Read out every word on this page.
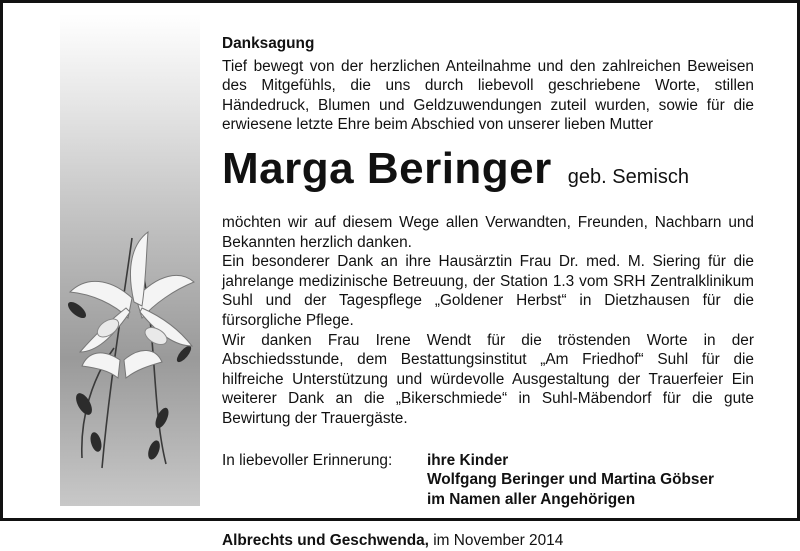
Danksagung

Tief bewegt von der herzlichen Anteilnahme und den zahlreichen Beweisen des Mitgefühls, die uns durch liebevoll geschriebene Worte, stillen Händedruck, Blumen und Geldzuwendungen zuteil wurden, sowie für die erwiesene letzte Ehre beim Abschied von unserer lieben Mutter

Marga Beringer geb. Semisch

möchten wir auf diesem Wege allen Verwandten, Freunden, Nachbarn und Bekannten herzlich danken.

Ein besonderer Dank an ihre Hausärztin Frau Dr. med. M. Siering für die jahrelange medizinische Betreuung, der Station 1.3 vom SRH Zentralklinikum Suhl und der Tagespflege „Goldener Herbst“ in Dietzhausen für die fürsorgliche Pflege.

Wir danken Frau Irene Wendt für die tröstenden Worte in der Abschiedsstunde, dem Bestattungsinstitut „Am Friedhof“ Suhl für die hilfreiche Unterstützung und würdevolle Ausgestaltung der Trauerfeier Ein weiterer Dank an die „Bikerschmiede“ in Suhl-Mäbendorf für die gute Bewirtung der Trauergäste.

In liebevoller Erinnerung:	ihre Kinder
Wolfgang Beringer und Martina Göbser
im Namen aller Angehörigen
Albrechts und Geschwenda, im November 2014
